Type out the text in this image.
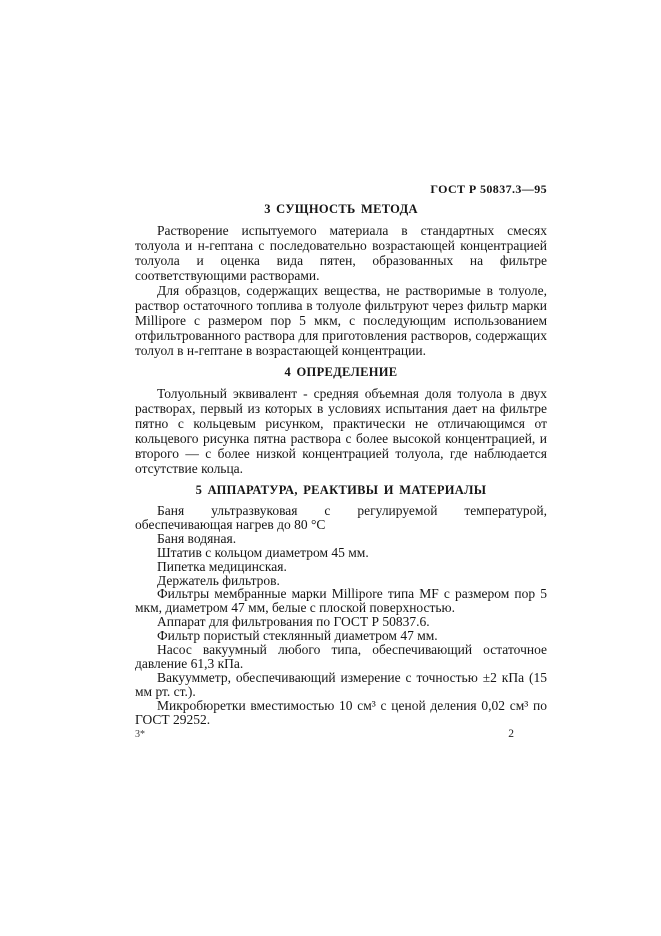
ГОСТ Р 50837.3—95
3 СУЩНОСТЬ МЕТОДА

Растворение испытуемого материала в стандартных смесях толуола и н-гептана с последовательно возрастающей концентрацией толуола и оценка вида пятен, образованных на фильтре соответствующими растворами.

Для образцов, содержащих вещества, не растворимые в толуоле, раствор остаточного топлива в толуоле фильтруют через фильтр марки Millipore с размером пор 5 мкм, с последующим использованием отфильтрованного раствора для приготовления растворов, содержащих толуол в н-гептане в возрастающей концентрации.

4 ОПРЕДЕЛЕНИЕ

Толуольный эквивалент - средняя объемная доля толуола в двух растворах, первый из которых в условиях испытания дает на фильтре пятно с кольцевым рисунком, практически не отличающимся от кольцевого рисунка пятна раствора с более высокой концентрацией, и второго — с более низкой концентрацией толуола, где наблюдается отсутствие кольца.

5 АППАРАТУРА, РЕАКТИВЫ И МАТЕРИАЛЫ

Баня ультразвуковая с регулируемой температурой, обеспечивающая нагрев до 80 °С

Баня водяная.

Штатив с кольцом диаметром 45 мм.

Пипетка медицинская.

Держатель фильтров.

Фильтры мембранные марки Millipore типа MF с размером пор 5 мкм, диаметром 47 мм, белые с плоской поверхностью.

Аппарат для фильтрования по ГОСТ Р 50837.6.

Фильтр пористый стеклянный диаметром 47 мм.

Насос вакуумный любого типа, обеспечивающий остаточное давление 61,3 кПа.

Вакуумметр, обеспечивающий измерение с точностью ±2 кПа (15 мм рт. ст.).

Микробюретки вместимостью 10 см³ с ценой деления 0,02 см³ по ГОСТ 29252.

3*	2
